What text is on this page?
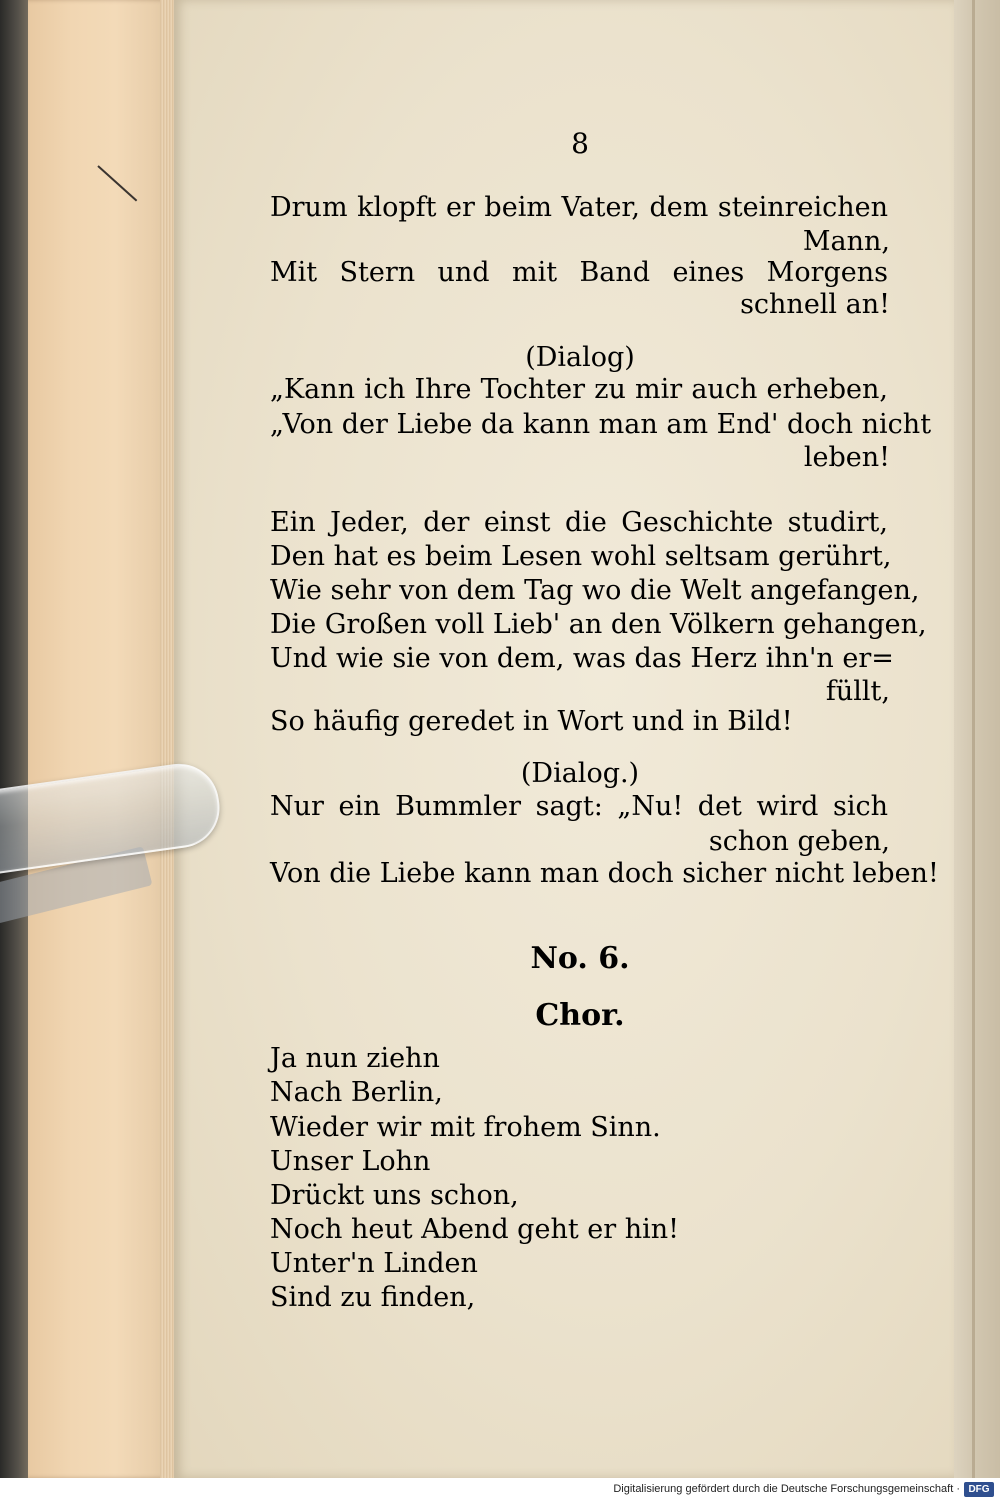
8
Drum klopft er beim Vater, dem steinreichen
Mann,
Mit Stern und mit Band eines Morgens
schnell an!
(Dialog)
„Kann ich Ihre Tochter zu mir auch erheben,
„Von der Liebe da kann man am End' doch nicht
leben!
Ein Jeder, der einst die Geschichte studirt,
Den hat es beim Lesen wohl seltsam gerührt,
Wie sehr von dem Tag wo die Welt angefangen,
Die Großen voll Lieb' an den Völkern gehangen,
Und wie sie von dem, was das Herz ihn'n er=
füllt,
So häufig geredet in Wort und in Bild!
(Dialog.)
Nur ein Bummler sagt: „Nu! det wird sich
schon geben,
Von die Liebe kann man doch sicher nicht leben!
No. 6.
Chor.
Ja nun ziehn
Nach Berlin,
Wieder wir mit frohem Sinn.
Unser Lohn
Drückt uns schon,
Noch heut Abend geht er hin!
Unter'n Linden
Sind zu finden,
Digitalisierung gefördert durch die Deutsche Forschungsgemeinschaft · DFG
